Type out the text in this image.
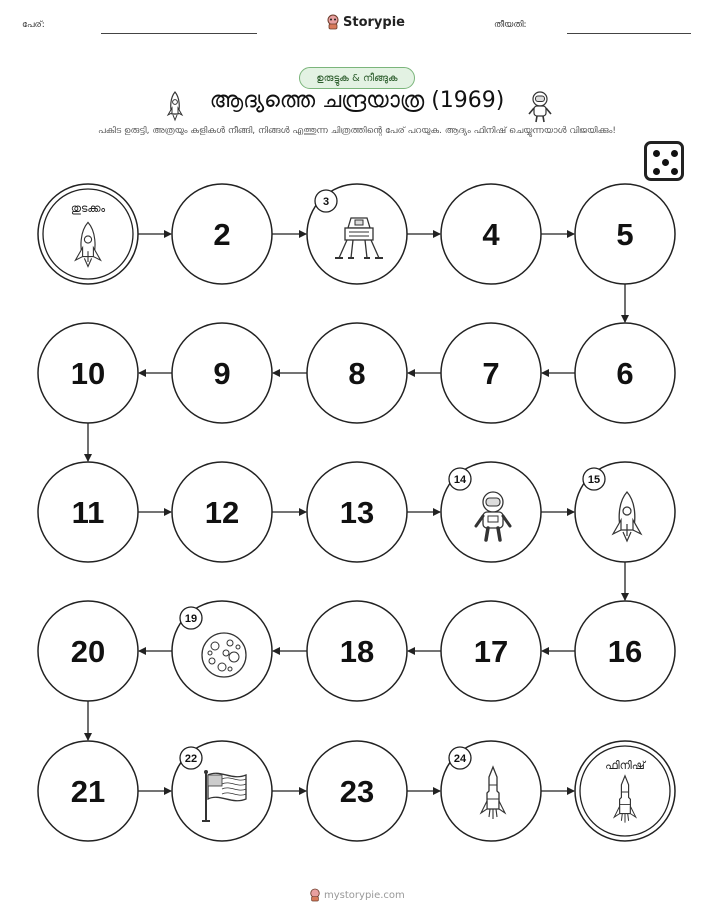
പേര്:	Storypie	തീയതി:
ഉരുട്ടുക & നീങ്ങുക
ആദ്യത്തെ ചന്ദ്രയാത്ര (1969)
പകിട ഉരുട്ടി, അത്രയും കളികൾ നീങ്ങി, നിങ്ങൾ എത്തുന്ന ചിത്രത്തിന്റെ പേര് പറയുക. ആദ്യം ഫിനിഷ് ചെയ്യുന്നയാൾ വിജയിക്കും!
തുടക്കം
2
3
4	5
6
7
8
9
10
11	12	13
14	15
16
17
18
19
20
21
22
23
24	ഫിനിഷ്
mystorypie.com
